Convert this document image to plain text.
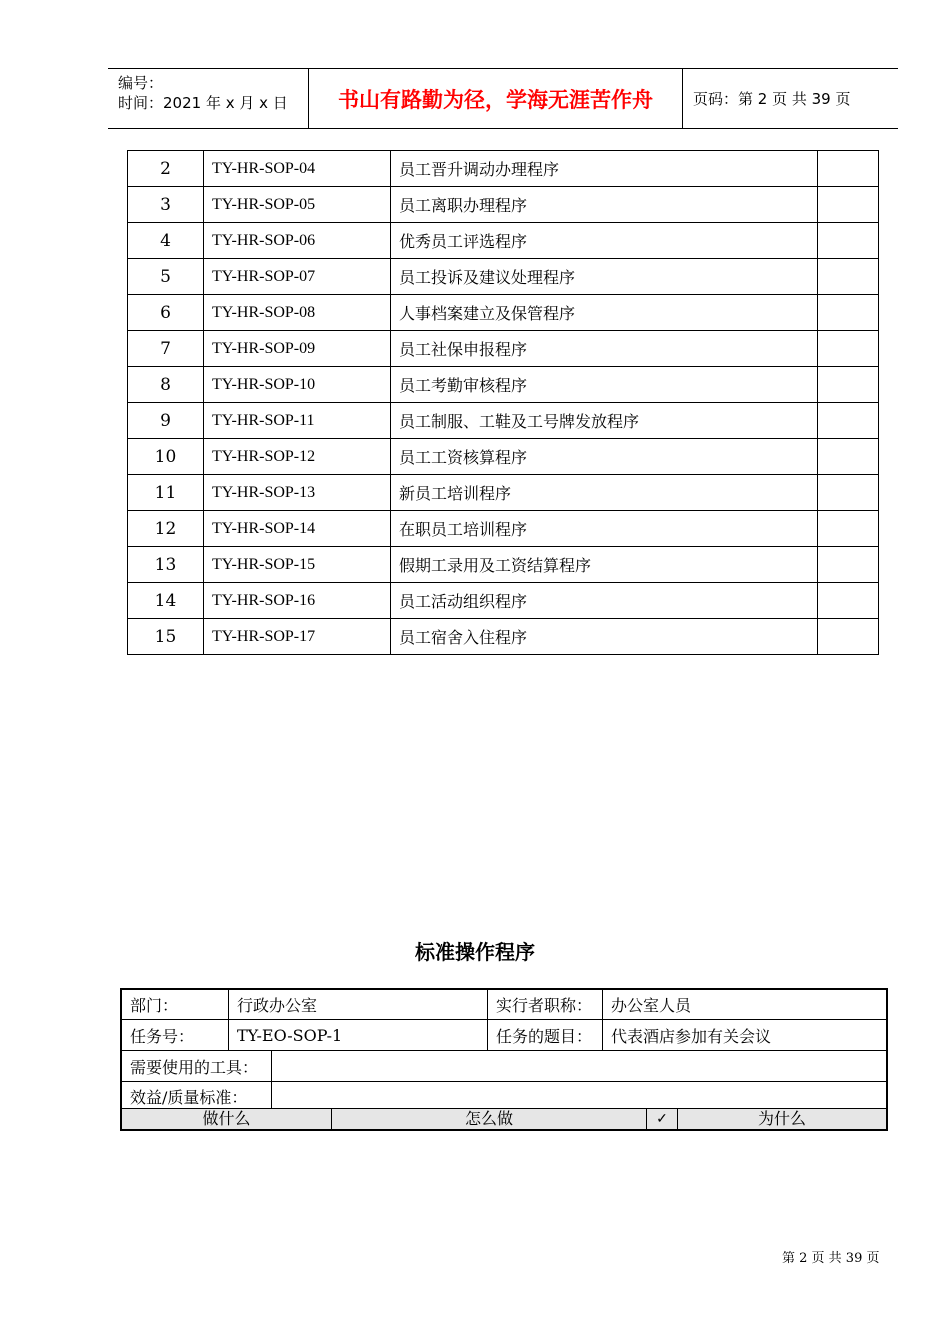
编号：
时间：2021 年 x 月 x 日	书山有路勤为径，学海无涯苦作舟	页码：第 2 页 共 39 页
2	TY-HR-SOP-04	员工晋升调动办理程序	
3	TY-HR-SOP-05	员工离职办理程序	
4	TY-HR-SOP-06	优秀员工评选程序	
5	TY-HR-SOP-07	员工投诉及建议处理程序	
6	TY-HR-SOP-08	人事档案建立及保管程序	
7	TY-HR-SOP-09	员工社保申报程序	
8	TY-HR-SOP-10	员工考勤审核程序	
9	TY-HR-SOP-11	员工制服、工鞋及工号牌发放程序	
10	TY-HR-SOP-12	员工工资核算程序	
11	TY-HR-SOP-13	新员工培训程序	
12	TY-HR-SOP-14	在职员工培训程序	
13	TY-HR-SOP-15	假期工录用及工资结算程序	
14	TY-HR-SOP-16	员工活动组织程序	
15	TY-HR-SOP-17	员工宿舍入住程序	
标准操作程序
部门：	行政办公室	实行者职称：	办公室人员
任务号：	TY-EO-SOP-1	任务的题目：	代表酒店参加有关会议
需要使用的工具：
效益/质量标准：
做什么	怎么做	✓	为什么
第 2 页 共 39 页
